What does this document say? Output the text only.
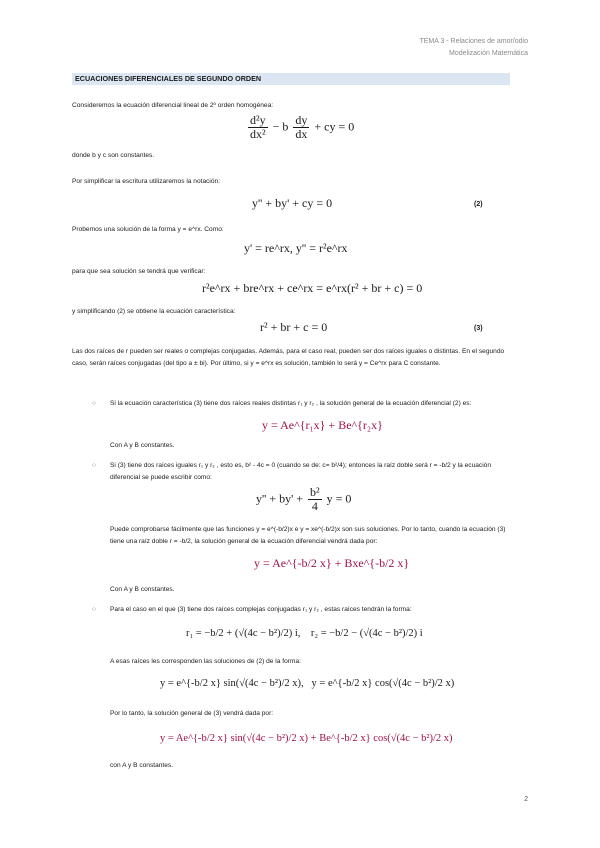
TEMA 3 - Relaciones de amor/odio
Modelización Matemática
ECUACIONES DIFERENCIALES DE SEGUNDO ORDEN
Consideremos la ecuación diferencial lineal de 2º orden homogénea:
$\frac{\text{d²y}}{\text{dx²}} - b \frac{dy}{dx}$ + cy = 0
donde b y c son constantes.
Por simplificar la escritura utilizaremos la notación:
y'' + by' + cy = 0	(2)
Probemos una solución de la forma y = e^rx. Como:
y' = re^rx, y'' = r²e^rx
para que sea solución se tendrá que verificar:
r²e^rx + bre^rx + ce^rx = e^rx(r² + br + c) = 0
y simplificando (2) se obtiene la ecuación característica:
r² + br + c = 0	(3)
Las dos raíces de r pueden ser reales o complejas conjugadas. Además, para el caso real, pueden ser dos raíces iguales o distintas. En el segundo caso, serán raíces conjugadas (del tipo a ± bi). Por último, si y = e^rx es solución, también lo será y = Ce^rx para C constante.
○ Si la ecuación característica (3) tiene dos raíces reales distintas r₁ y r₂ , la solución general de la ecuación diferencial (2) es:
y = Ae^{r₁x} + Be^{r₂x}
Con A y B constantes.
○ Si (3) tiene dos raíces iguales r₁ y r₂ , esto es, b² - 4c = 0 (cuando se de: c= b²/4); entonces la raíz doble será r = -b/2 y la ecuación diferencial se puede escribir como:
$y'' + by' + \frac{\text{b²}}{4}$ y = 0
Puede comprobarse fácilmente que las funciones y = e^(-b/2)x e y = xe^(-b/2)x son sus soluciones. Por lo tanto, cuando la ecuación (3) tiene una raíz doble r = -b/2, la solución general de la ecuación diferencial vendrá dada por:
y = Ae^{-b/2 x} + Bxe^{-b/2 x}
Con A y B constantes.
○ Para el caso en el que (3) tiene dos raíces complejas conjugadas r₁ y r₂ , estas raíces tendrán la forma:
r₁ = −b/2 + (√(4c − b²)/2) i, r₂ = −b/2 − (√(4c − b²)/2) i
A esas raíces les corresponden las soluciones de (2) de la forma:
y = e^{-b/2 x} sin(√(4c − b²)/2 x), y = e^{-b/2 x} cos(√(4c − b²)/2 x)
Por lo tanto, la solución general de (3) vendrá dada por:
y = Ae^{-b/2 x} sin(√(4c − b²)/2 x) + Be^{-b/2 x} cos(√(4c − b²)/2 x)
con A y B constantes.
2
